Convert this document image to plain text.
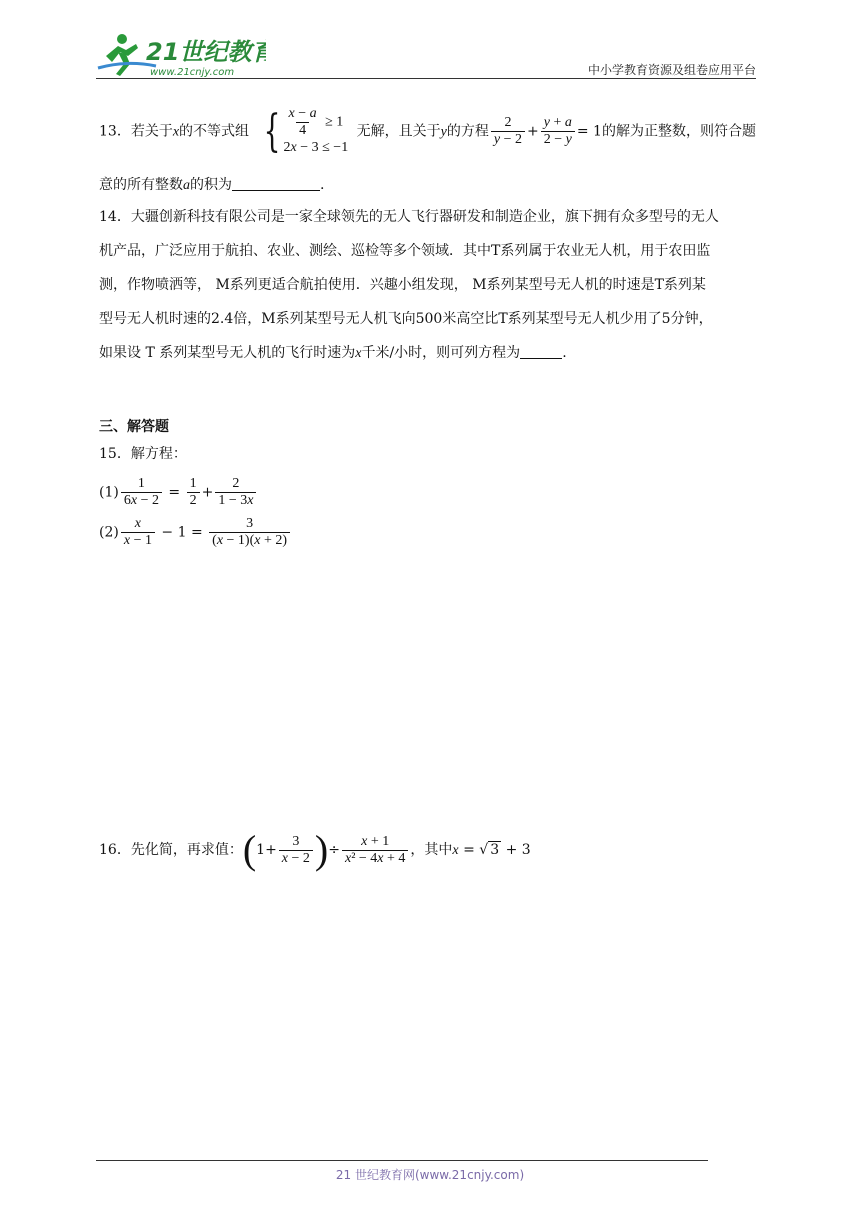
21世纪教育
www.21cnjy.com	中小学教育资源及组卷应用平台
13．若关于x的不等式组 { $\frac{x - a}{4} \ge 1$
2x − 3 ≤ −1
无解，且关于y的方程 $\frac{2}{y - 2} + \frac{y + a}{2 - y} = 1$的解为正整数，则符合题
意的所有整数a的积为	.
14．大疆创新科技有限公司是一家全球领先的无人飞行器研发和制造企业，旗下拥有众多型号的无人
机产品，广泛应用于航拍、农业、测绘、巡检等多个领域．其中T系列属于农业无人机，用于农田监
测，作物喷洒等， M系列更适合航拍使用．兴趣小组发现， M系列某型号无人机的时速是T系列某
型号无人机时速的2.4倍，M系列某型号无人机飞向500米高空比T系列某型号无人机少用了5分钟，
如果设 T 系列某型号无人机的飞行时速为x千米/小时，则可列方程为	.
三、解答题
15．解方程：
$(1) \frac{1}{6x - 2} = \frac{1}{2} + \frac{2}{1 - 3x}$
$(2) \frac{x}{x - 1} - 1 = \frac{3}{(x - 1)(x + 2)}$
16．先化简，再求值：($1+ \frac{3}{x - 2}$ )÷ $\frac{x + 1}{\text{x² − 4x + 4}}$ ，其中x = √ 3 + 3
21 世纪教育网(www.21cnjy.com)
